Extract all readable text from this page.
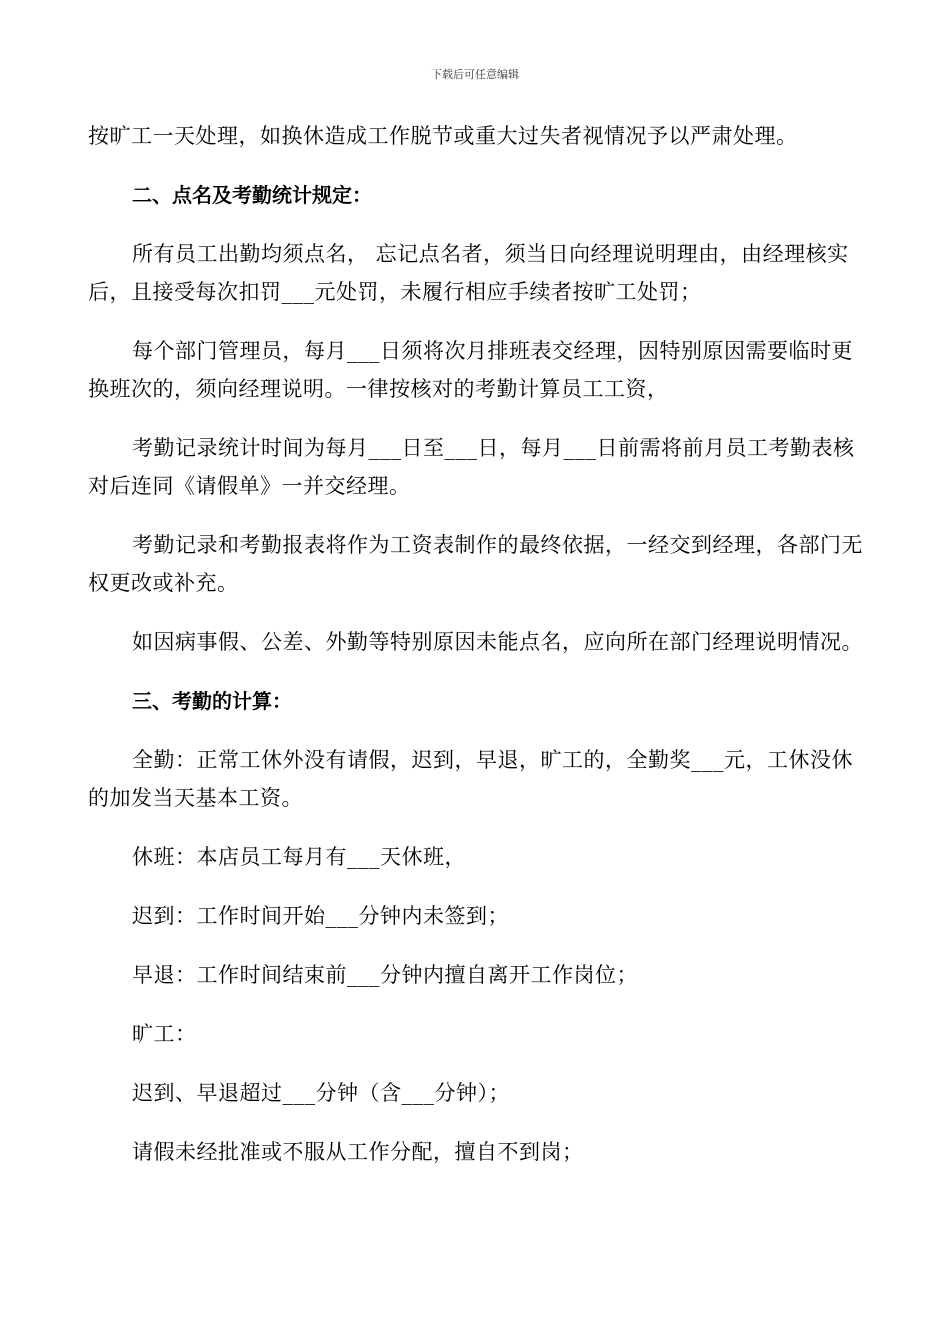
下载后可任意编辑

按旷工一天处理，如换休造成工作脱节或重大过失者视情况予以严肃处理。

二、点名及考勤统计规定：

所有员工出勤均须点名， 忘记点名者，须当日向经理说明理由，由经理核实后，且接受每次扣罚___元处罚，未履行相应手续者按旷工处罚；

每个部门管理员，每月___日须将次月排班表交经理，因特别原因需要临时更换班次的，须向经理说明。一律按核对的考勤计算员工工资，

考勤记录统计时间为每月___日至___日，每月___日前需将前月员工考勤表核对后连同《请假单》一并交经理。

考勤记录和考勤报表将作为工资表制作的最终依据，一经交到经理，各部门无权更改或补充。

如因病事假、公差、外勤等特别原因未能点名，应向所在部门经理说明情况。

三、考勤的计算：

全勤：正常工休外没有请假，迟到，早退，旷工的，全勤奖___元，工休没休的加发当天基本工资。

休班：本店员工每月有___天休班，

迟到：工作时间开始___分钟内未签到；

早退：工作时间结束前___分钟内擅自离开工作岗位；

旷工：

迟到、早退超过___分钟（含___分钟）；

请假未经批准或不服从工作分配，擅自不到岗；
